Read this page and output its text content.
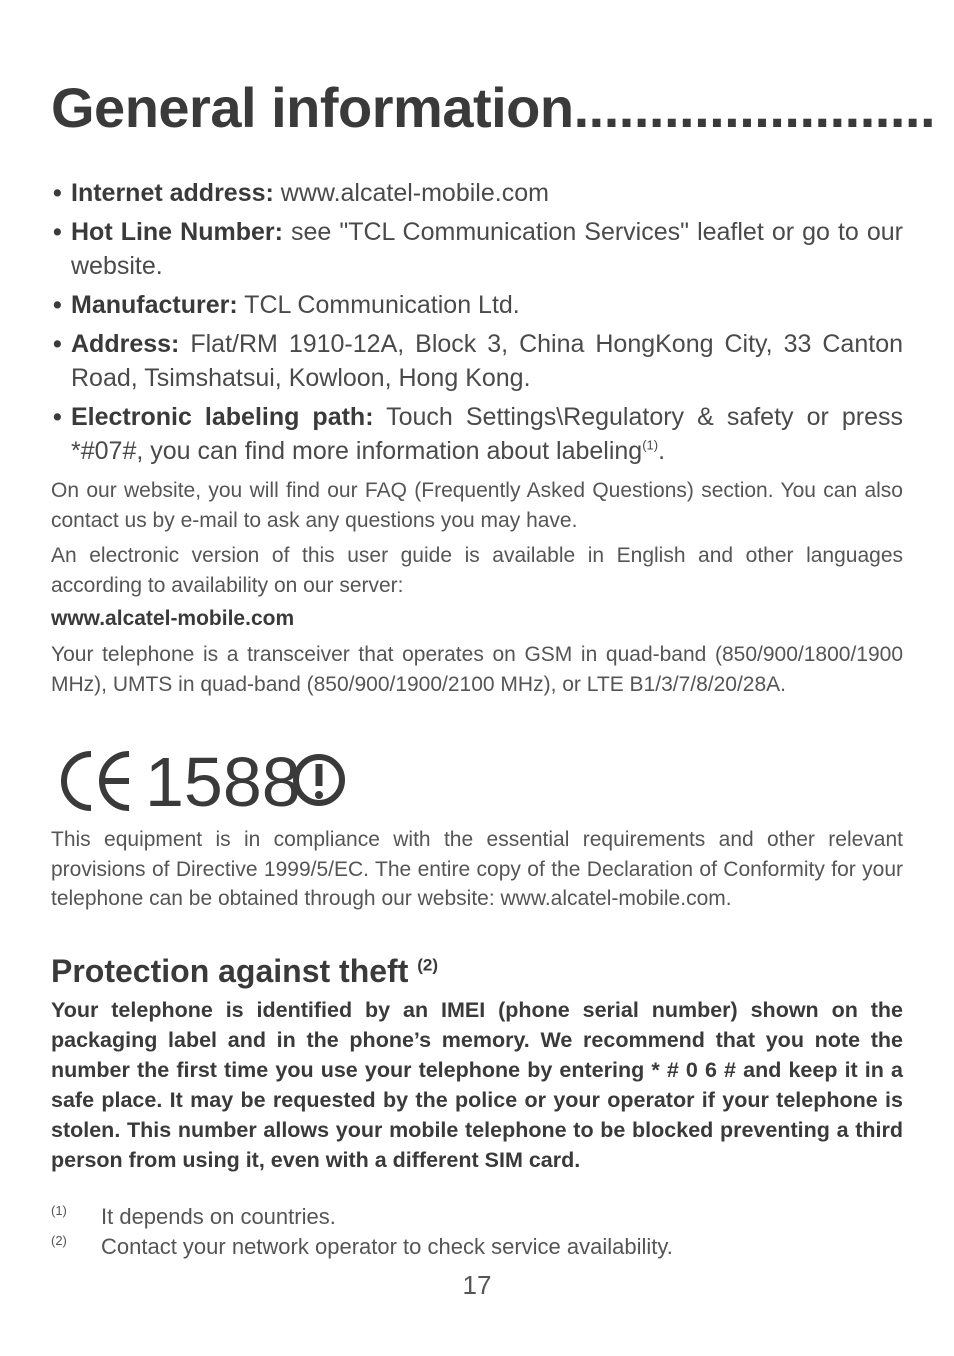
General information........................
• Internet address: www.alcatel-mobile.com
• Hot Line Number: see "TCL Communication Services" leaflet or go to our website.
• Manufacturer: TCL Communication Ltd.
• Address: Flat/RM 1910-12A, Block 3, China HongKong City, 33 Canton Road, Tsimshatsui, Kowloon, Hong Kong.
• Electronic labeling path: Touch Settings\Regulatory & safety or press *#07#, you can find more information about labeling$^{(1)}$.

On our website, you will find our FAQ (Frequently Asked Questions) section. You can also contact us by e-mail to ask any questions you may have.

An electronic version of this user guide is available in English and other languages according to availability on our server:

www.alcatel-mobile.com

Your telephone is a transceiver that operates on GSM in quad-band (850/900/1800/1900 MHz), UMTS in quad-band (850/900/1900/2100 MHz), or LTE B1/3/7/8/20/28A.

1588

This equipment is in compliance with the essential requirements and other relevant provisions of Directive 1999/5/EC. The entire copy of the Declaration of Conformity for your telephone can be obtained through our website: www.alcatel-mobile.com.

Protection against theft $^{(2)}$

Your telephone is identified by an IMEI (phone serial number) shown on the packaging label and in the phone’s memory. We recommend that you note the number the first time you use your telephone by entering * # 0 6 # and keep it in a safe place. It may be requested by the police or your operator if your telephone is stolen. This number allows your mobile telephone to be blocked preventing a third person from using it, even with a different SIM card.

(1) It depends on countries.
(2) Contact your network operator to check service availability.
17
